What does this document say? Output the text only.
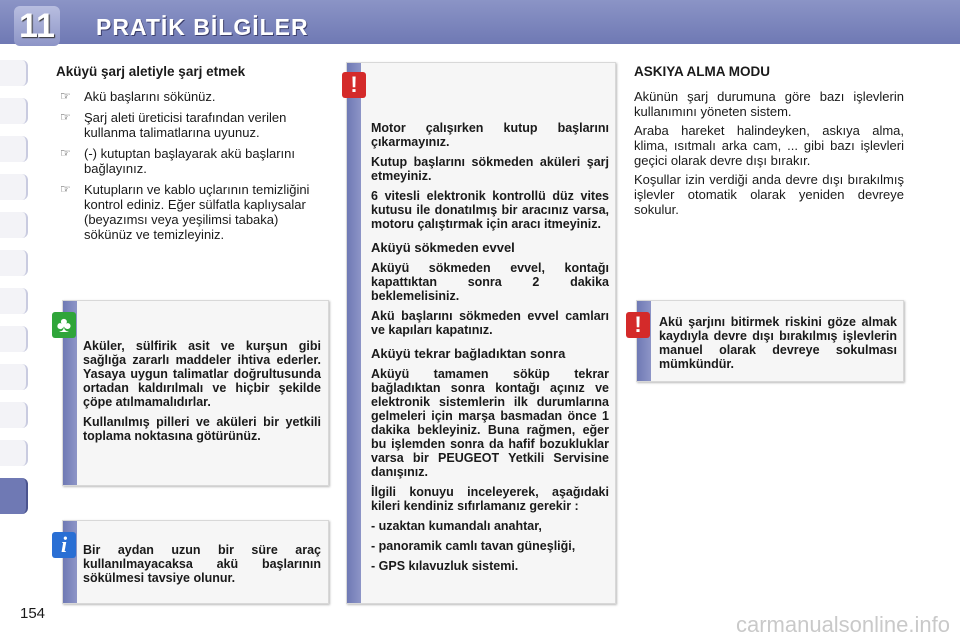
11 PRATİK BİLGİLER
Aküyü şarj aletiyle şarj etmek
☞ Akü başlarını sökünüz.
☞ Şarj aleti üreticisi tarafından verilen kullanma talimatlarına uyunuz.
☞ (-) kutuptan başlayarak akü başlarını bağlayınız.
☞ Kutupların ve kablo uçlarının temizliğini kontrol ediniz. Eğer sülfatla kaplıysalar (beyazımsı veya yeşilimsi tabaka) sökünüz ve temizleyiniz.

Aküler, sülfirik asit ve kurşun gibi sağlığa zararlı maddeler ihtiva ederler. Yasaya uygun talimatlar doğrultusunda ortadan kaldırılmalı ve hiçbir şekilde çöpe atılmamalıdırlar.

Kullanılmış pilleri ve aküleri bir yetkili toplama noktasına götürünüz.

♣
Bir aydan uzun bir süre araç kullanılmayacaksa akü başlarının sökülmesi tavsiye olunur.
i

Motor çalışırken kutup başlarını çıkarmayınız.

Kutup başlarını sökmeden aküleri şarj etmeyiniz.

6 vitesli elektronik kontrollü düz vites kutusu ile donatılmış bir aracınız varsa, motoru çalıştırmak için aracı itmeyiniz.

Aküyü sökmeden evvel

Aküyü sökmeden evvel, kontağı kapattıktan sonra 2 dakika beklemelisiniz.

Akü başlarını sökmeden evvel camları ve kapıları kapatınız.

Aküyü tekrar bağladıktan sonra

Aküyü tamamen söküp tekrar bağladıktan sonra kontağı açınız ve elektronik sistemlerin ilk durumlarına gelmeleri için marşa basmadan önce 1 dakika bekleyiniz. Buna rağmen, eğer bu işlemden sonra da hafif bozukluklar varsa bir PEUGEOT Yetkili Servisine danışınız.

İlgili konuyu inceleyerek, aşağıdaki kileri kendiniz sıfırlamanız gerekir :

- uzaktan kumandalı anahtar,

- panoramik camlı tavan güneşliği,

- GPS kılavuzluk sistemi.

!
ASKIYA ALMA MODU

Akünün şarj durumuna göre bazı işlevlerin kullanımını yöneten sistem.

Araba hareket halindeyken, askıya alma, klima, ısıtmalı arka cam, ... gibi bazı işlevleri geçici olarak devre dışı bırakır.

Koşullar izin verdiği anda devre dışı bırakılmış işlevler otomatik olarak yeniden devreye sokulur.

Akü şarjını bitirmek riskini göze almak kaydıyla devre dışı bırakılmış işlevlerin manuel olarak devreye sokulması mümkündür.
!
154	carmanualsonline.info
